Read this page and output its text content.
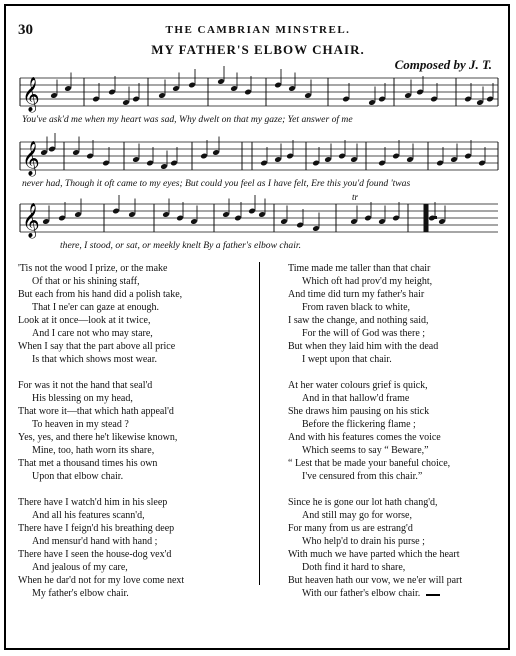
30	THE CAMBRIAN MINSTREL.
MY FATHER'S ELBOW CHAIR.
Composed by J. T.
𝄞
𝄞
𝄞
tr
You've ask'd me when my heart was sad, Why dwelt on that my gaze; Yet answer of me
never had, Though it oft came to my eyes; But could you feel as I have felt, Ere this you'd found 'twas
there, I stood, or sat, or meekly knelt By a father's elbow chair.
'Tis not the wood I prize, or the make
Of that or his shining staff,
But each from his hand did a polish take,
That I ne'er can gaze at enough.
Look at it once—look at it twice,
And I care not who may stare,
When I say that the part above all price
Is that which shows most wear.
For was it not the hand that seal'd
His blessing on my head,
That wore it—that which hath appeal'd
To heaven in my stead ?
Yes, yes, and there he't likewise known,
Mine, too, hath worn its share,
That met a thousand times his own
Upon that elbow chair.
There have I watch'd him in his sleep
And all his features scann'd,
There have I feign'd his breathing deep
And mensur'd hand with hand ;
There have I seen the house-dog vex'd
And jealous of my care,
When he dar'd not for my love come next
My father's elbow chair.
Time made me taller than that chair
Which oft had prov'd my height,
And time did turn my father's hair
From raven black to white,
I saw the change, and nothing said,
For the will of God was there ;
But when they laid him with the dead
I wept upon that chair.
At her water colours grief is quick,
And in that hallow'd frame
She draws him pausing on his stick
Before the flickering flame ;
And with his features comes the voice
Which seems to say “ Beware,”
“ Lest that be made your baneful choice,
I've censured from this chair.”
Since he is gone our lot hath chang'd,
And still may go for worse,
For many from us are estrang'd
Who help'd to drain his purse ;
With much we have parted which the heart
Doth find it hard to share,
But heaven hath our vow, we ne'er will part
With our father's elbow chair.
